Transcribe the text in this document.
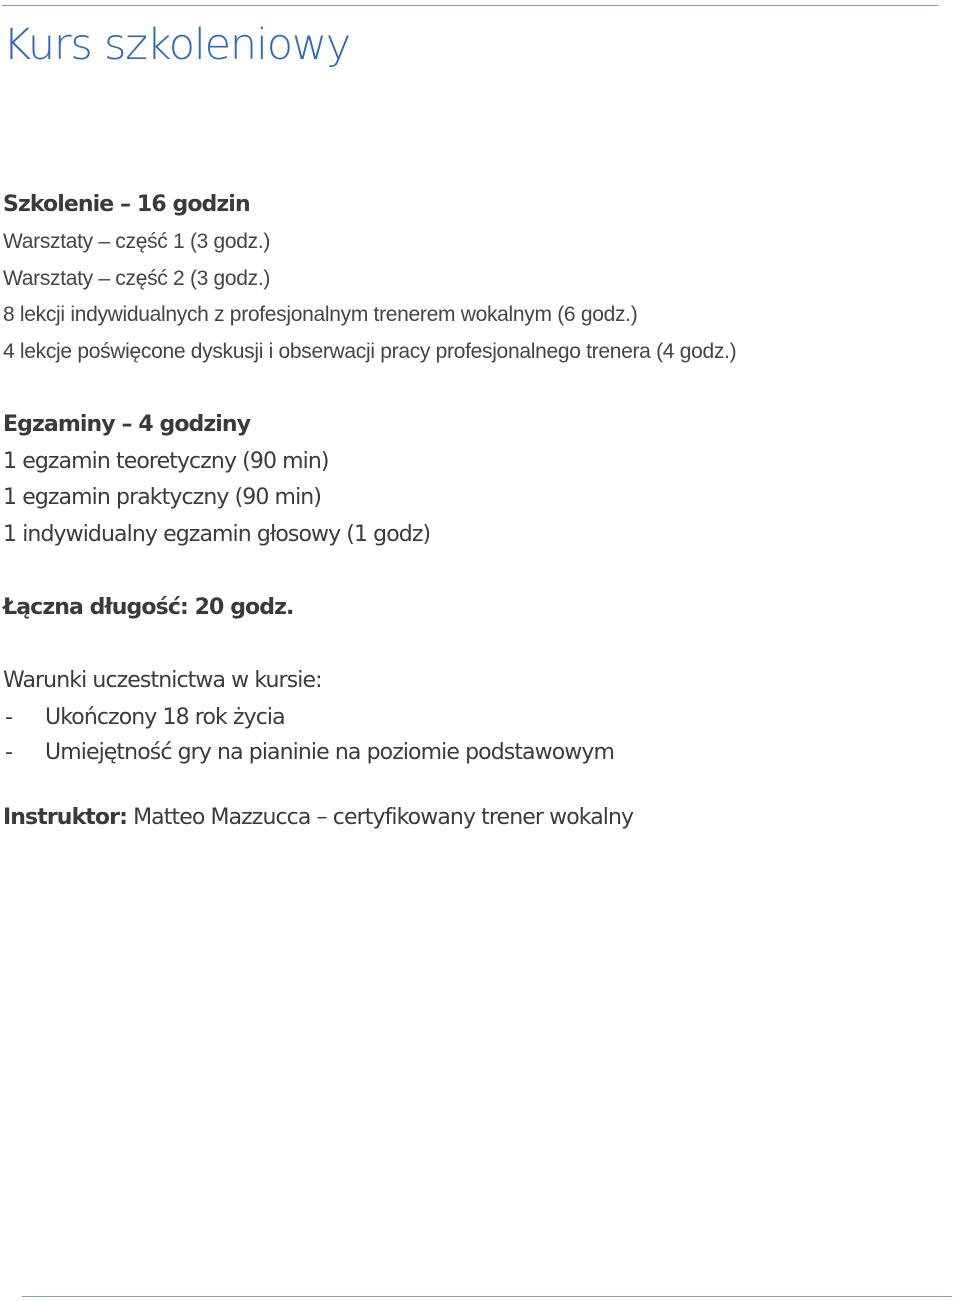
Kurs szkoleniowy

Szkolenie – 16 godzin

Warsztaty – część 1 (3 godz.)

Warsztaty – część 2 (3 godz.)

8 lekcji indywidualnych z profesjonalnym trenerem wokalnym (6 godz.)

4 lekcje poświęcone dyskusji i obserwacji pracy profesjonalnego trenera (4 godz.)

Egzaminy – 4 godziny

1 egzamin teoretyczny (90 min)

1 egzamin praktyczny (90 min)

1 indywidualny egzamin głosowy (1 godz)

Łączna długość: 20 godz.

Warunki uczestnictwa w kursie:

- Ukończony 18 rok życia

- Umiejętność gry na pianinie na poziomie podstawowym

Instruktor: Matteo Mazzucca – certyfikowany trener wokalny
